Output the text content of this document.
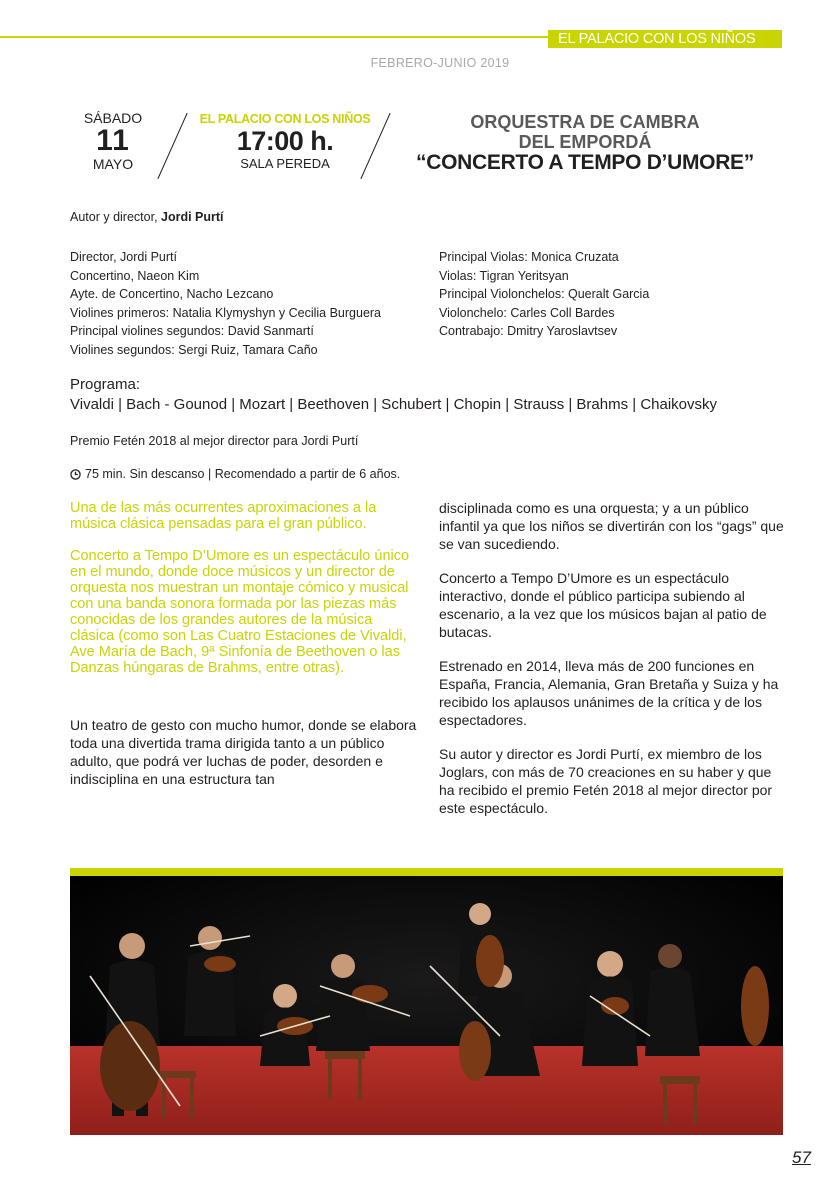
EL PALACIO CON LOS NIÑOS
FEBRERO-JUNIO 2019
SÁBADO
11
MAYO
EL PALACIO CON LOS NIÑOS
17:00 h.
SALA PEREDA
ORQUESTRA DE CAMBRA
DEL EMPORDÁ
“CONCERTO A TEMPO D’UMORE”
Autor y director, Jordi Purtí
Director, Jordi Purtí
Concertino, Naeon Kim
Ayte. de Concertino, Nacho Lezcano
Violines primeros: Natalia Klymyshyn y Cecilia Burguera
Principal violines segundos: David Sanmartí
Violines segundos: Sergi Ruiz, Tamara Caño
Principal Violas: Monica Cruzata
Violas: Tigran Yeritsyan
Principal Violonchelos: Queralt Garcia
Violonchelo: Carles Coll Bardes
Contrabajo: Dmitry Yaroslavtsev
Programa:
Vivaldi | Bach - Gounod | Mozart | Beethoven | Schubert | Chopin | Strauss | Brahms | Chaikovsky
Premio Fetén 2018 al mejor director para Jordi Purtí
75 min. Sin descanso | Recomendado a partir de 6 años.

Una de las más ocurrentes aproximaciones a la música clásica pensadas para el gran público.

Concerto a Tempo D’Umore es un espectáculo único en el mundo, donde doce músicos y un director de orquesta nos muestran un montaje cómico y musical con una banda sonora formada por las piezas más conocidas de los grandes autores de la música clásica (como son Las Cuatro Estaciones de Vivaldi, Ave María de Bach, 9ª Sinfonía de Beethoven o las Danzas húngaras de Brahms, entre otras).

Un teatro de gesto con mucho humor, donde se elabora toda una divertida trama dirigida tanto a un público adulto, que podrá ver luchas de poder, desorden e indisciplina en una estructura tan

disciplinada como es una orquesta; y a un público infantil ya que los niños se divertirán con los “gags” que se van sucediendo.

Concerto a Tempo D’Umore es un espectáculo interactivo, donde el público participa subiendo al escenario, a la vez que los músicos bajan al patio de butacas.

Estrenado en 2014, lleva más de 200 funciones en España, Francia, Alemania, Gran Bretaña y Suiza y ha recibido los aplausos unánimes de la crítica y de los espectadores.

Su autor y director es Jordi Purtí, ex miembro de los Joglars, con más de 70 creaciones en su haber y que ha recibido el premio Fetén 2018 al mejor director por este espectáculo.

57
